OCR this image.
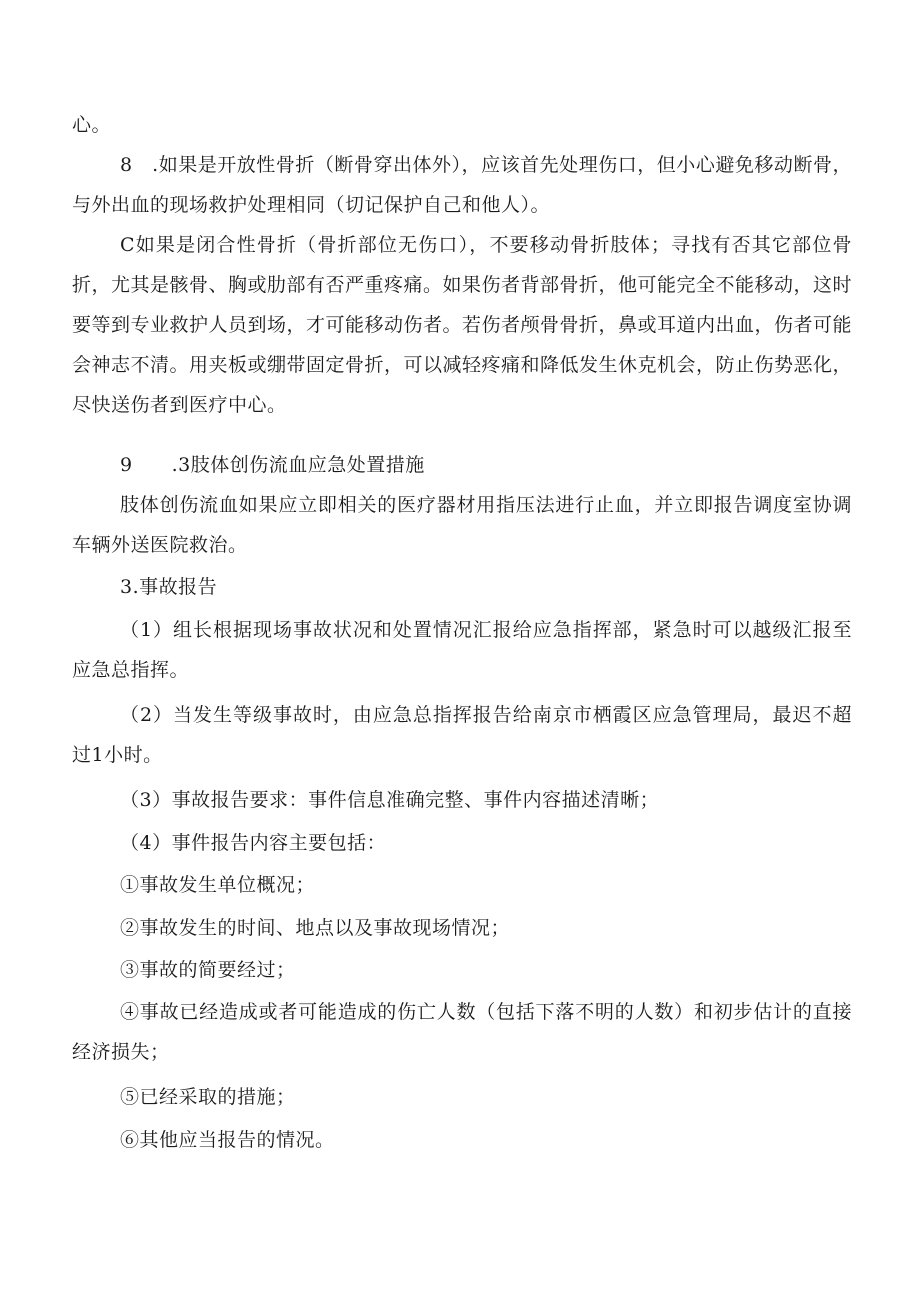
心。

8　.如果是开放性骨折（断骨穿出体外），应该首先处理伤口，但小心避免移动断骨，与外出血的现场救护处理相同（切记保护自己和他人）。

C如果是闭合性骨折（骨折部位无伤口），不要移动骨折肢体；寻找有否其它部位骨折，尤其是骸骨、胸或肋部有否严重疼痛。如果伤者背部骨折，他可能完全不能移动，这时要等到专业救护人员到场，才可能移动伤者。若伤者颅骨骨折，鼻或耳道内出血，伤者可能会神志不清。用夹板或绷带固定骨折，可以减轻疼痛和降低发生休克机会，防止伤势恶化，尽快送伤者到医疗中心。

9　　.3肢体创伤流血应急处置措施

肢体创伤流血如果应立即相关的医疗器材用指压法进行止血，并立即报告调度室协调车辆外送医院救治。

3.事故报告

（1）组长根据现场事故状况和处置情况汇报给应急指挥部，紧急时可以越级汇报至应急总指挥。

（2）当发生等级事故时，由应急总指挥报告给南京市栖霞区应急管理局，最迟不超过1小时。

（3）事故报告要求：事件信息准确完整、事件内容描述清晰；

（4）事件报告内容主要包括：

①事故发生单位概况；

②事故发生的时间、地点以及事故现场情况；

③事故的简要经过；

④事故已经造成或者可能造成的伤亡人数（包括下落不明的人数）和初步估计的直接经济损失；

⑤已经采取的措施；

⑥其他应当报告的情况。
